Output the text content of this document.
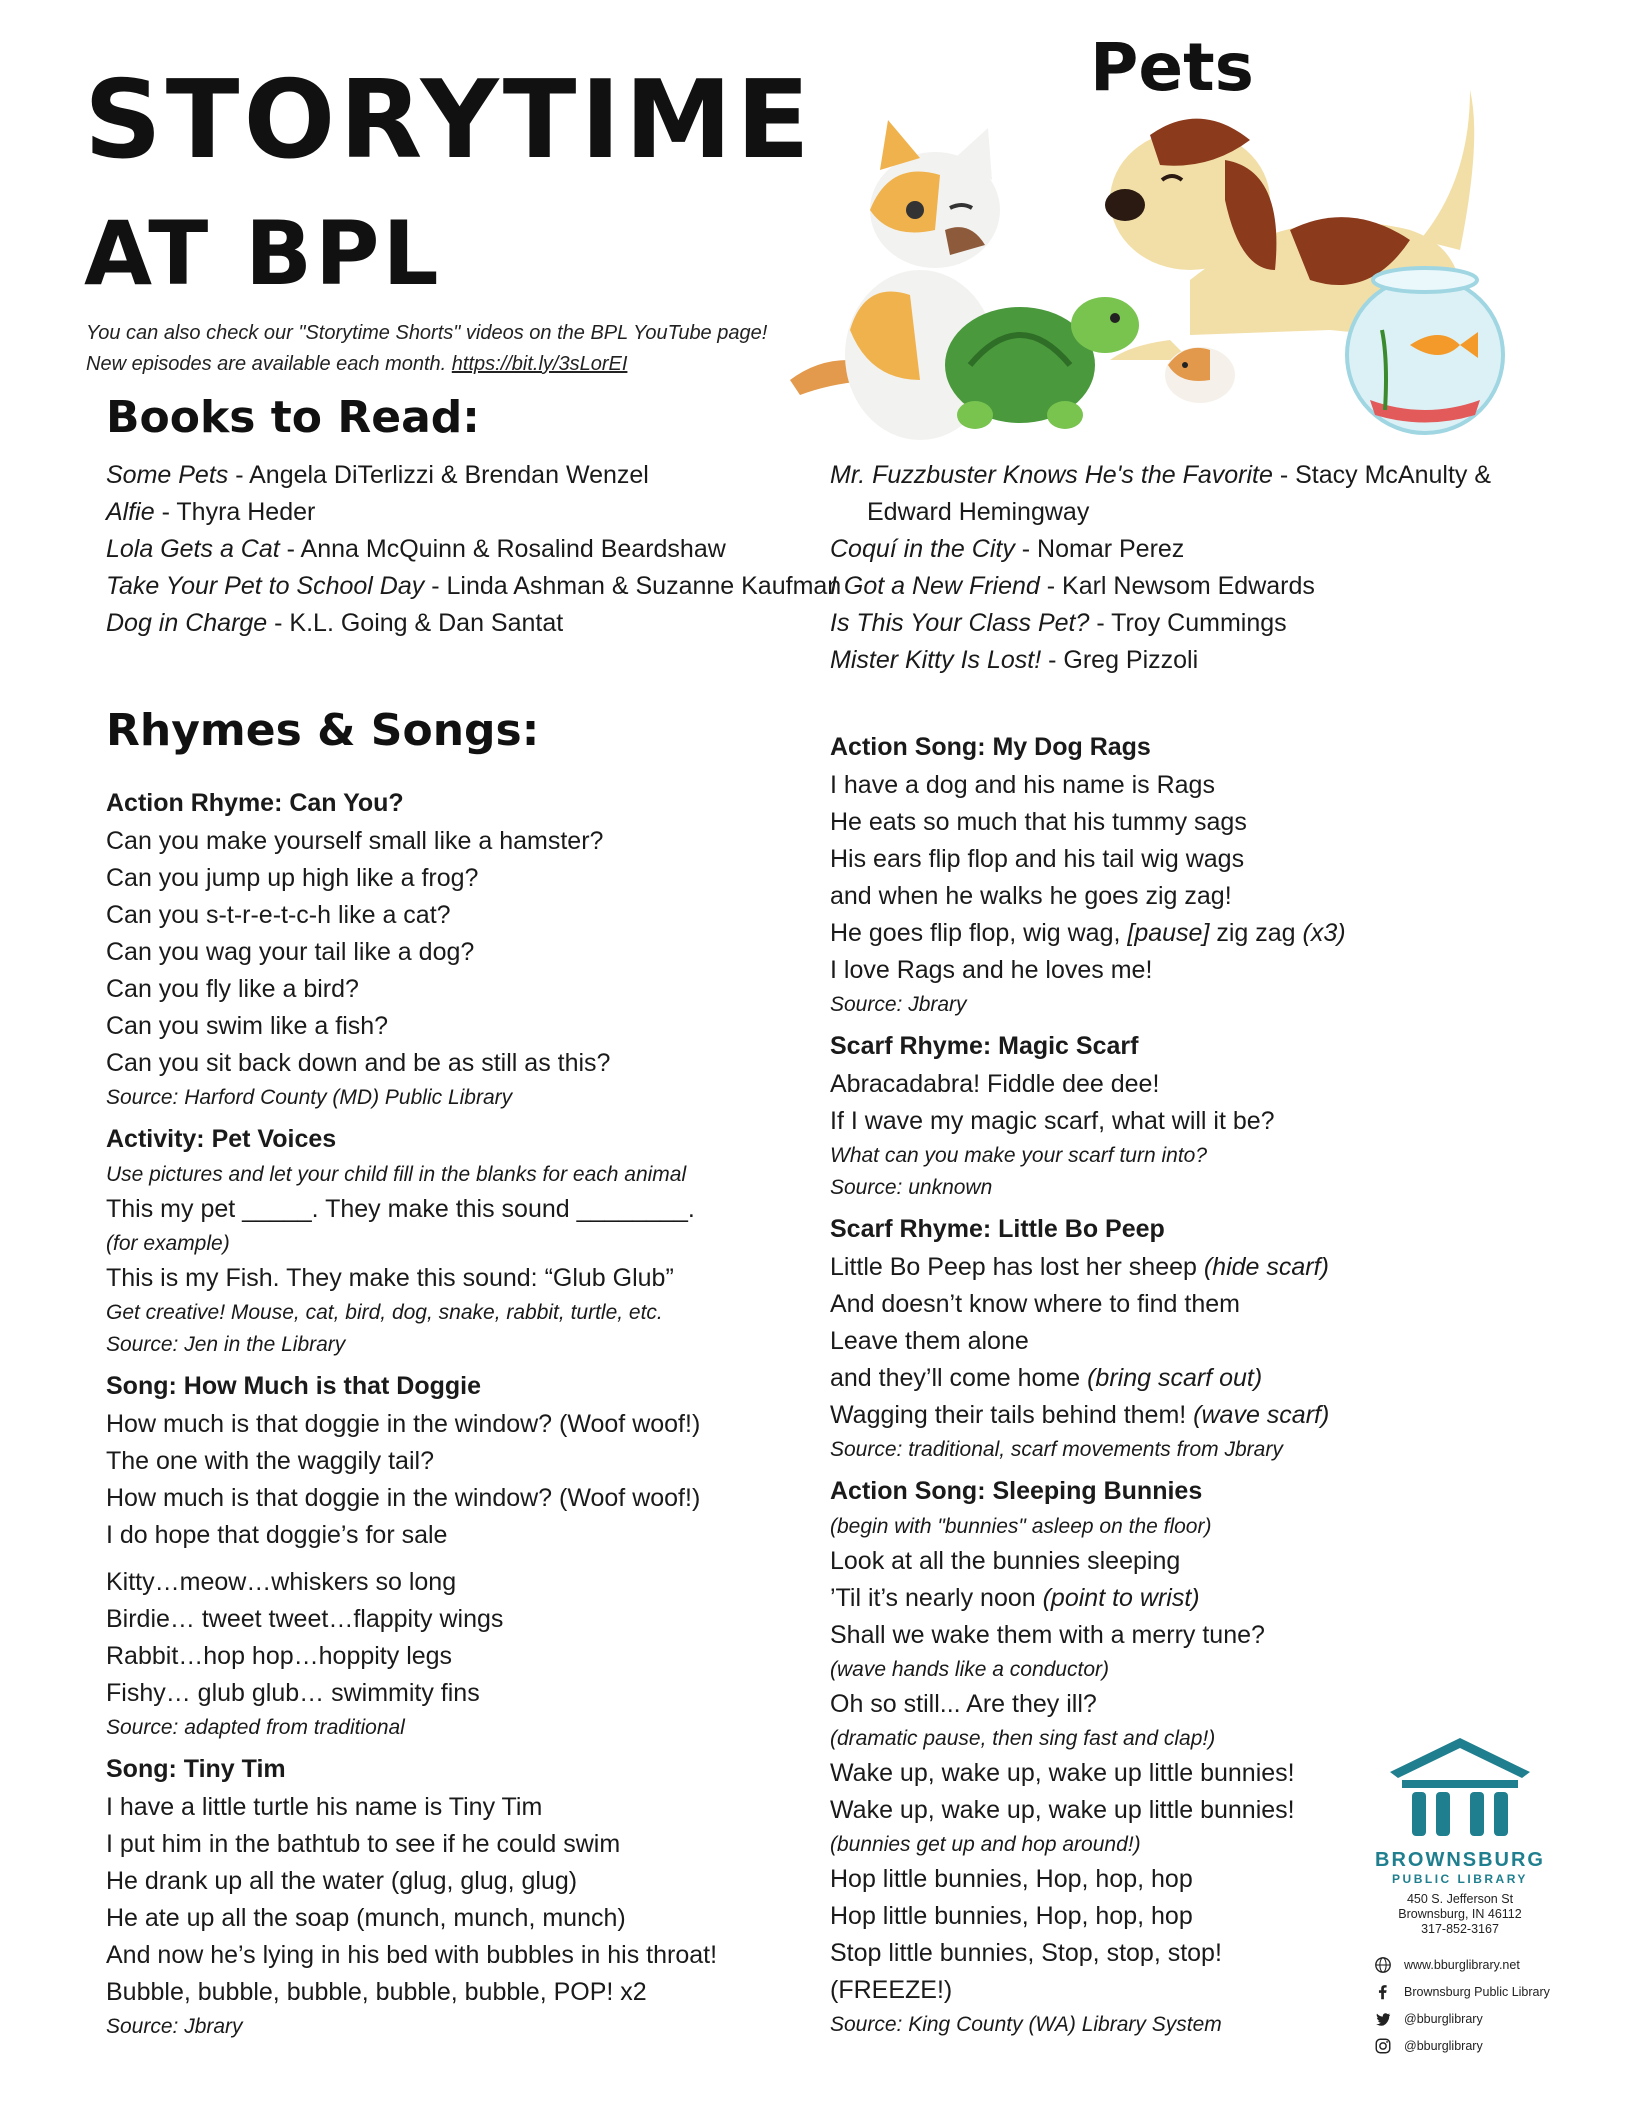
STORYTIME
AT BPL
You can also check our "Storytime Shorts" videos on the BPL YouTube page! New episodes are available each month. https://bit.ly/3sLorEI
Pets
Books to Read:
Some Pets - Angela DiTerlizzi & Brendan Wenzel
Alfie - Thyra Heder
Lola Gets a Cat - Anna McQuinn & Rosalind Beardshaw
Take Your Pet to School Day - Linda Ashman & Suzanne Kaufman
Dog in Charge - K.L. Going & Dan Santat
Mr. Fuzzbuster Knows He's the Favorite - Stacy McAnulty & Edward Hemingway
Coquí in the City - Nomar Perez
I Got a New Friend - Karl Newsom Edwards
Is This Your Class Pet? - Troy Cummings
Mister Kitty Is Lost! - Greg Pizzoli
Rhymes & Songs:
Action Rhyme: Can You?
Can you make yourself small like a hamster?
Can you jump up high like a frog?
Can you s-t-r-e-t-c-h like a cat?
Can you wag your tail like a dog?
Can you fly like a bird?
Can you swim like a fish?
Can you sit back down and be as still as this?
Source: Harford County (MD) Public Library
Activity: Pet Voices
Use pictures and let your child fill in the blanks for each animal
This my pet _____. They make this sound ________.
(for example)
This is my Fish. They make this sound: “Glub Glub”
Get creative! Mouse, cat, bird, dog, snake, rabbit, turtle, etc.
Source: Jen in the Library
Song: How Much is that Doggie
How much is that doggie in the window? (Woof woof!)
The one with the waggily tail?
How much is that doggie in the window? (Woof woof!)
I do hope that doggie’s for sale
Kitty…meow…whiskers so long
Birdie… tweet tweet…flappity wings
Rabbit…hop hop…hoppity legs
Fishy… glub glub… swimmity fins
Source: adapted from traditional
Song: Tiny Tim
I have a little turtle his name is Tiny Tim
I put him in the bathtub to see if he could swim
He drank up all the water (glug, glug, glug)
He ate up all the soap (munch, munch, munch)
And now he’s lying in his bed with bubbles in his throat!
Bubble, bubble, bubble, bubble, bubble, POP! x2
Source: Jbrary
Action Song: My Dog Rags
I have a dog and his name is Rags
He eats so much that his tummy sags
His ears flip flop and his tail wig wags
and when he walks he goes zig zag!
He goes flip flop, wig wag, [pause] zig zag (x3)
I love Rags and he loves me!
Source: Jbrary
Scarf Rhyme: Magic Scarf
Abracadabra! Fiddle dee dee!
If I wave my magic scarf, what will it be?
What can you make your scarf turn into?
Source: unknown
Scarf Rhyme: Little Bo Peep
Little Bo Peep has lost her sheep (hide scarf)
And doesn’t know where to find them
Leave them alone
and they’ll come home (bring scarf out)
Wagging their tails behind them! (wave scarf)
Source: traditional, scarf movements from Jbrary
Action Song: Sleeping Bunnies
(begin with "bunnies" asleep on the floor)
Look at all the bunnies sleeping
’Til it’s nearly noon (point to wrist)
Shall we wake them with a merry tune?
(wave hands like a conductor)
Oh so still... Are they ill?
(dramatic pause, then sing fast and clap!)
Wake up, wake up, wake up little bunnies!
Wake up, wake up, wake up little bunnies!
(bunnies get up and hop around!)
Hop little bunnies, Hop, hop, hop
Hop little bunnies, Hop, hop, hop
Stop little bunnies, Stop, stop, stop!
(FREEZE!)
Source: King County (WA) Library System
BROWNSBURG
PUBLIC LIBRARY
450 S. Jefferson St
Brownsburg, IN 46112
317-852-3167
www.bburglibrary.net
Brownsburg Public Library
@bburglibrary
@bburglibrary
